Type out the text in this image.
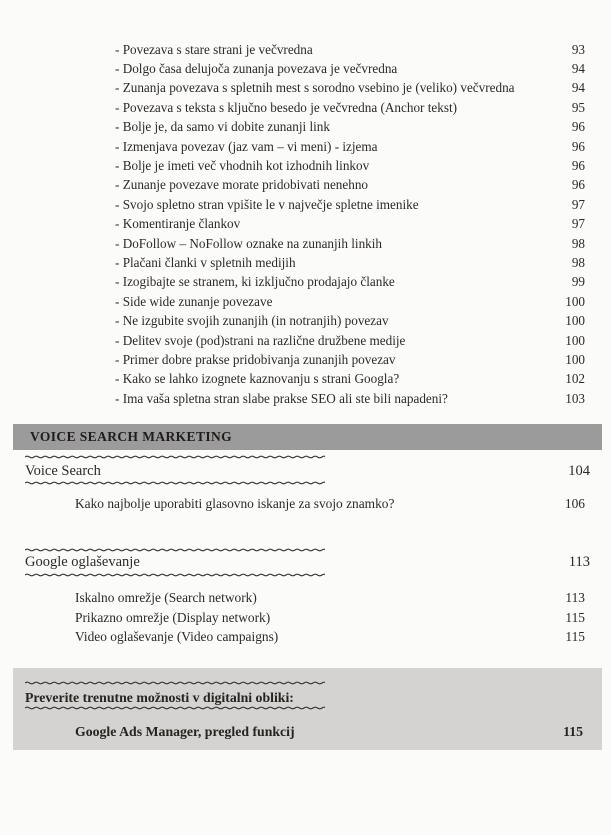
- Povezava s stare strani je večvredna	93
- Dolgo časa delujoča zunanja povezava je večvredna	94
- Zunanja povezava s spletnih mest s sorodno vsebino je (veliko) večvredna	94
- Povezava s teksta s ključno besedo je večvredna (Anchor tekst)	95
- Bolje je, da samo vi dobite zunanji link	96
- Izmenjava povezav (jaz vam – vi meni) - izjema	96
- Bolje je imeti več vhodnih kot izhodnih linkov	96
- Zunanje povezave morate pridobivati nenehno	96
- Svojo spletno stran vpišite le v največje spletne imenike	97
- Komentiranje člankov	97
- DoFollow – NoFollow oznake na zunanjih linkih	98
- Plačani članki v spletnih medijih	98
- Izogibajte se stranem, ki izključno prodajajo članke	99
- Side wide zunanje povezave	100
- Ne izgubite svojih zunanjih (in notranjih) povezav	100
- Delitev svoje (pod)strani na različne družbene medije	100
- Primer dobre prakse pridobivanja zunanjih povezav	100
- Kako se lahko izognete kaznovanju s strani Googla?	102
- Ima vaša spletna stran slabe prakse SEO ali ste bili napadeni?	103
VOICE SEARCH MARKETING
Voice Search	104
Kako najbolje uporabiti glasovno iskanje za svojo znamko?	106
Google oglaševanje	113
Iskalno omrežje (Search network)	113
Prikazno omrežje (Display network)	115
Video oglaševanje (Video campaigns)	115
Preverite trenutne možnosti v digitalni obliki:
Google Ads Manager, pregled funkcij	115
